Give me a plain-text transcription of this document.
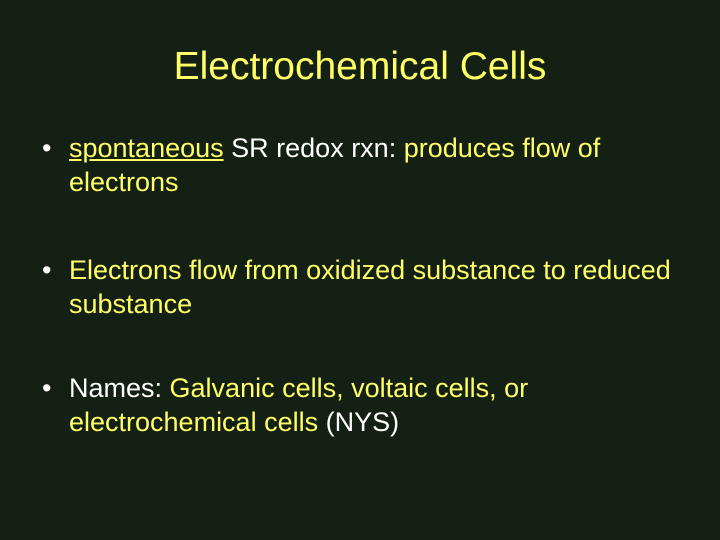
Electrochemical Cells
• spontaneous SR redox rxn: produces flow of electrons
• Electrons flow from oxidized substance to reduced substance
• Names: Galvanic cells, voltaic cells, or electrochemical cells (NYS)
